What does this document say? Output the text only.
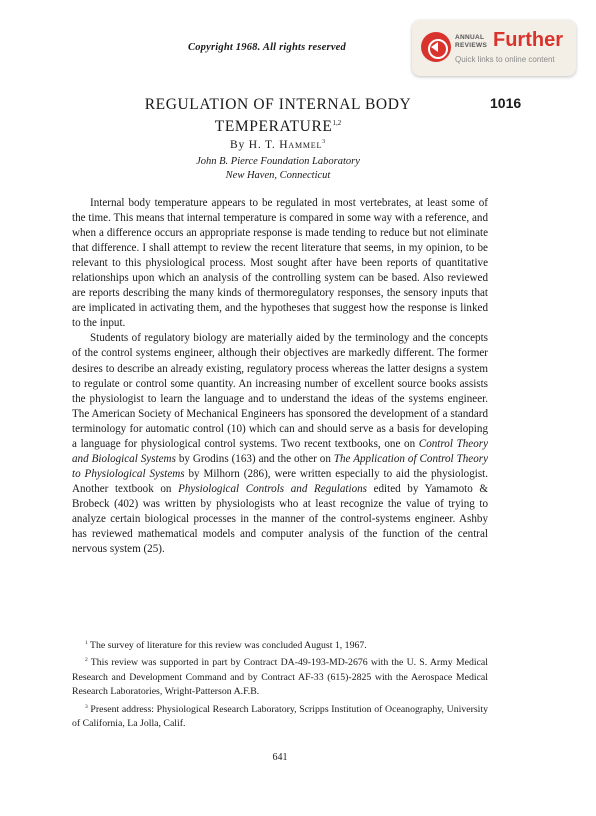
Copyright 1968. All rights reserved
ANNUAL
REVIEWS Further
Quick links to online content
1016
REGULATION OF INTERNAL BODY
TEMPERATURE$^{1,2}$
By H. T. Hammel$^3$
John B. Pierce Foundation Laboratory
New Haven, Connecticut

Internal body temperature appears to be regulated in most vertebrates, at least some of the time. This means that internal temperature is compared in some way with a reference, and when a difference occurs an appropriate response is made tending to reduce but not eliminate that difference. I shall attempt to review the recent literature that seems, in my opinion, to be relevant to this physiological process. Most sought after have been reports of quantitative relationships upon which an analysis of the controlling system can be based. Also reviewed are reports describing the many kinds of thermoregulatory responses, the sensory inputs that are implicated in activating them, and the hypotheses that suggest how the response is linked to the input.

Students of regulatory biology are materially aided by the terminology and the concepts of the control systems engineer, although their objectives are markedly different. The former desires to describe an already existing, regulatory process whereas the latter designs a system to regulate or control some quantity. An increasing number of excellent source books assists the physiologist to learn the language and to understand the ideas of the systems engineer. The American Society of Mechanical Engineers has sponsored the development of a standard terminology for automatic control (10) which can and should serve as a basis for developing a language for physiological control systems. Two recent textbooks, one on Control Theory and Biological Systems by Grodins (163) and the other on The Application of Control Theory to Physiological Systems by Milhorn (286), were written especially to aid the physiologist. Another textbook on Physiological Controls and Regulations edited by Yamamoto & Brobeck (402) was written by physiologists who at least recognize the value of trying to analyze certain biological processes in the manner of the control-systems engineer. Ashby has reviewed mathematical models and computer analysis of the function of the central nervous system (25).

$^1$ The survey of literature for this review was concluded August 1, 1967.

$^2$ This review was supported in part by Contract DA-49-193-MD-2676 with the U. S. Army Medical Research and Development Command and by Contract AF-33 (615)-2825 with the Aerospace Medical Research Laboratories, Wright-Patterson A.F.B.

$^3$ Present address: Physiological Research Laboratory, Scripps Institution of Oceanography, University of California, La Jolla, Calif.

641
